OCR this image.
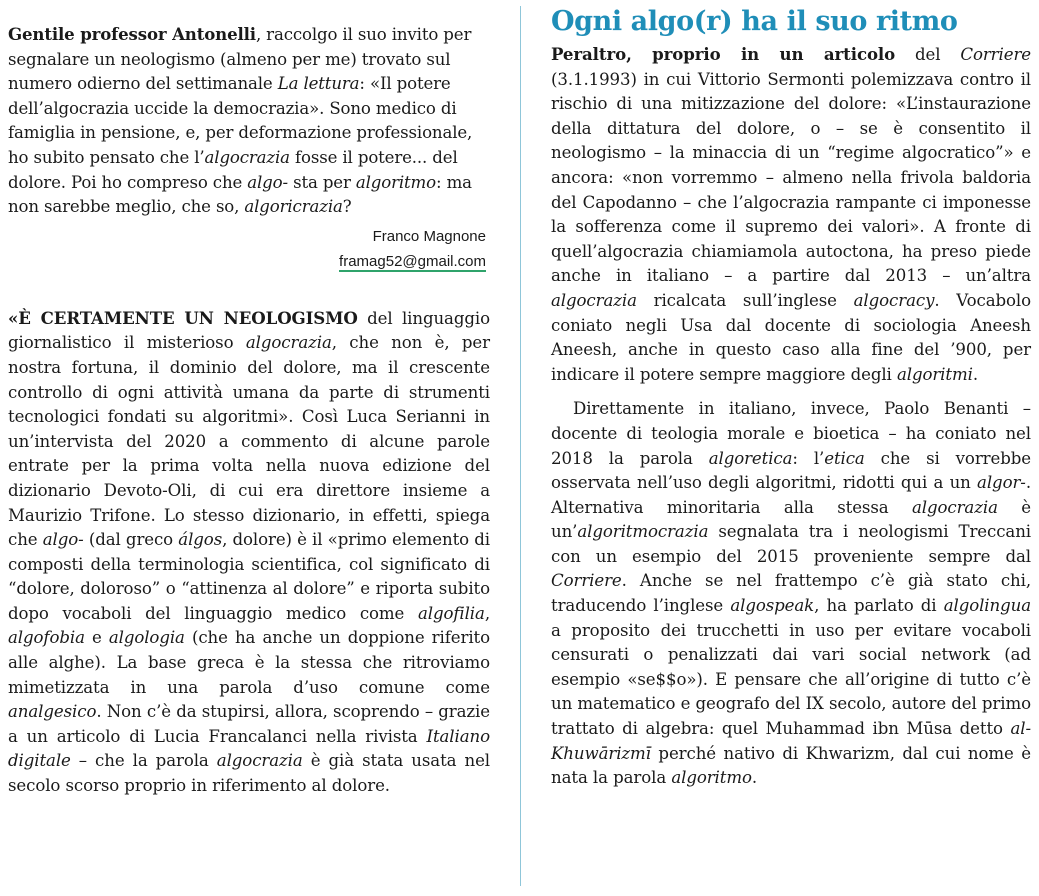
Gentile professor Antonelli, raccolgo il suo invito per segnalare un neologismo (almeno per me) trovato sul numero odierno del settimanale La lettura: «Il potere dell’algocrazia uccide la democrazia». Sono medico di famiglia in pensione, e, per deformazione professionale, ho subito pensato che l’algocrazia fosse il potere... del dolore. Poi ho compreso che algo- sta per algoritmo: ma non sarebbe meglio, che so, algoricrazia?

Franco Magnone
framag52@gmail.com

«È CERTAMENTE UN NEOLOGISMO del linguaggio giornalistico il misterioso algocrazia, che non è, per nostra fortuna, il dominio del dolore, ma il crescente controllo di ogni attività umana da parte di strumenti tecnologici fondati su algoritmi». Così Luca Serianni in un’intervista del 2020 a commento di alcune parole entrate per la prima volta nella nuova edizione del dizionario Devoto-Oli, di cui era direttore insieme a Maurizio Trifone. Lo stesso dizionario, in effetti, spiega che algo- (dal greco álgos, dolore) è il «primo elemento di composti della terminologia scientifica, col significato di “dolore, doloroso” o “attinenza al dolore” e riporta subito dopo vocaboli del linguaggio medico come algofilia, algofobia e algologia (che ha anche un doppione riferito alle alghe). La base greca è la stessa che ritroviamo mimetizzata in una parola d’uso comune come analgesico. Non c’è da stupirsi, allora, scoprendo – grazie a un articolo di Lucia Francalanci nella rivista Italiano digitale – che la parola algocrazia è già stata usata nel secolo scorso proprio in riferimento al dolore.

Ogni algo(r) ha il suo ritmo

Peraltro, proprio in un articolo del Corriere (3.1.1993) in cui Vittorio Sermonti polemizzava contro il rischio di una mitizzazione del dolore: «L’instaurazione della dittatura del dolore, o – se è consentito il neologismo – la minaccia di un “regime algocratico”» e ancora: «non vorremmo – almeno nella frivola baldoria del Capodanno – che l’algocrazia rampante ci imponesse la sofferenza come il supremo dei valori». A fronte di quell’algocrazia chiamiamola autoctona, ha preso piede anche in italiano – a partire dal 2013 – un’altra algocrazia ricalcata sull’inglese algocracy. Vocabolo coniato negli Usa dal docente di sociologia Aneesh Aneesh, anche in questo caso alla fine del ’900, per indicare il potere sempre maggiore degli algoritmi.

Direttamente in italiano, invece, Paolo Benanti – docente di teologia morale e bioetica – ha coniato nel 2018 la parola algoretica: l’etica che si vorrebbe osservata nell’uso degli algoritmi, ridotti qui a un algor-. Alternativa minoritaria alla stessa algocrazia è un’algoritmocrazia segnalata tra i neologismi Treccani con un esempio del 2015 proveniente sempre dal Corriere. Anche se nel frattempo c’è già stato chi, traducendo l’inglese algospeak, ha parlato di algolingua a proposito dei trucchetti in uso per evitare vocaboli censurati o penalizzati dai vari social network (ad esempio «se$$o»). E pensare che all’origine di tutto c’è un matematico e geografo del IX secolo, autore del primo trattato di algebra: quel Muhammad ibn Mūsa detto al-Khuwārizmī perché nativo di Khwarizm, dal cui nome è nata la parola algoritmo.
